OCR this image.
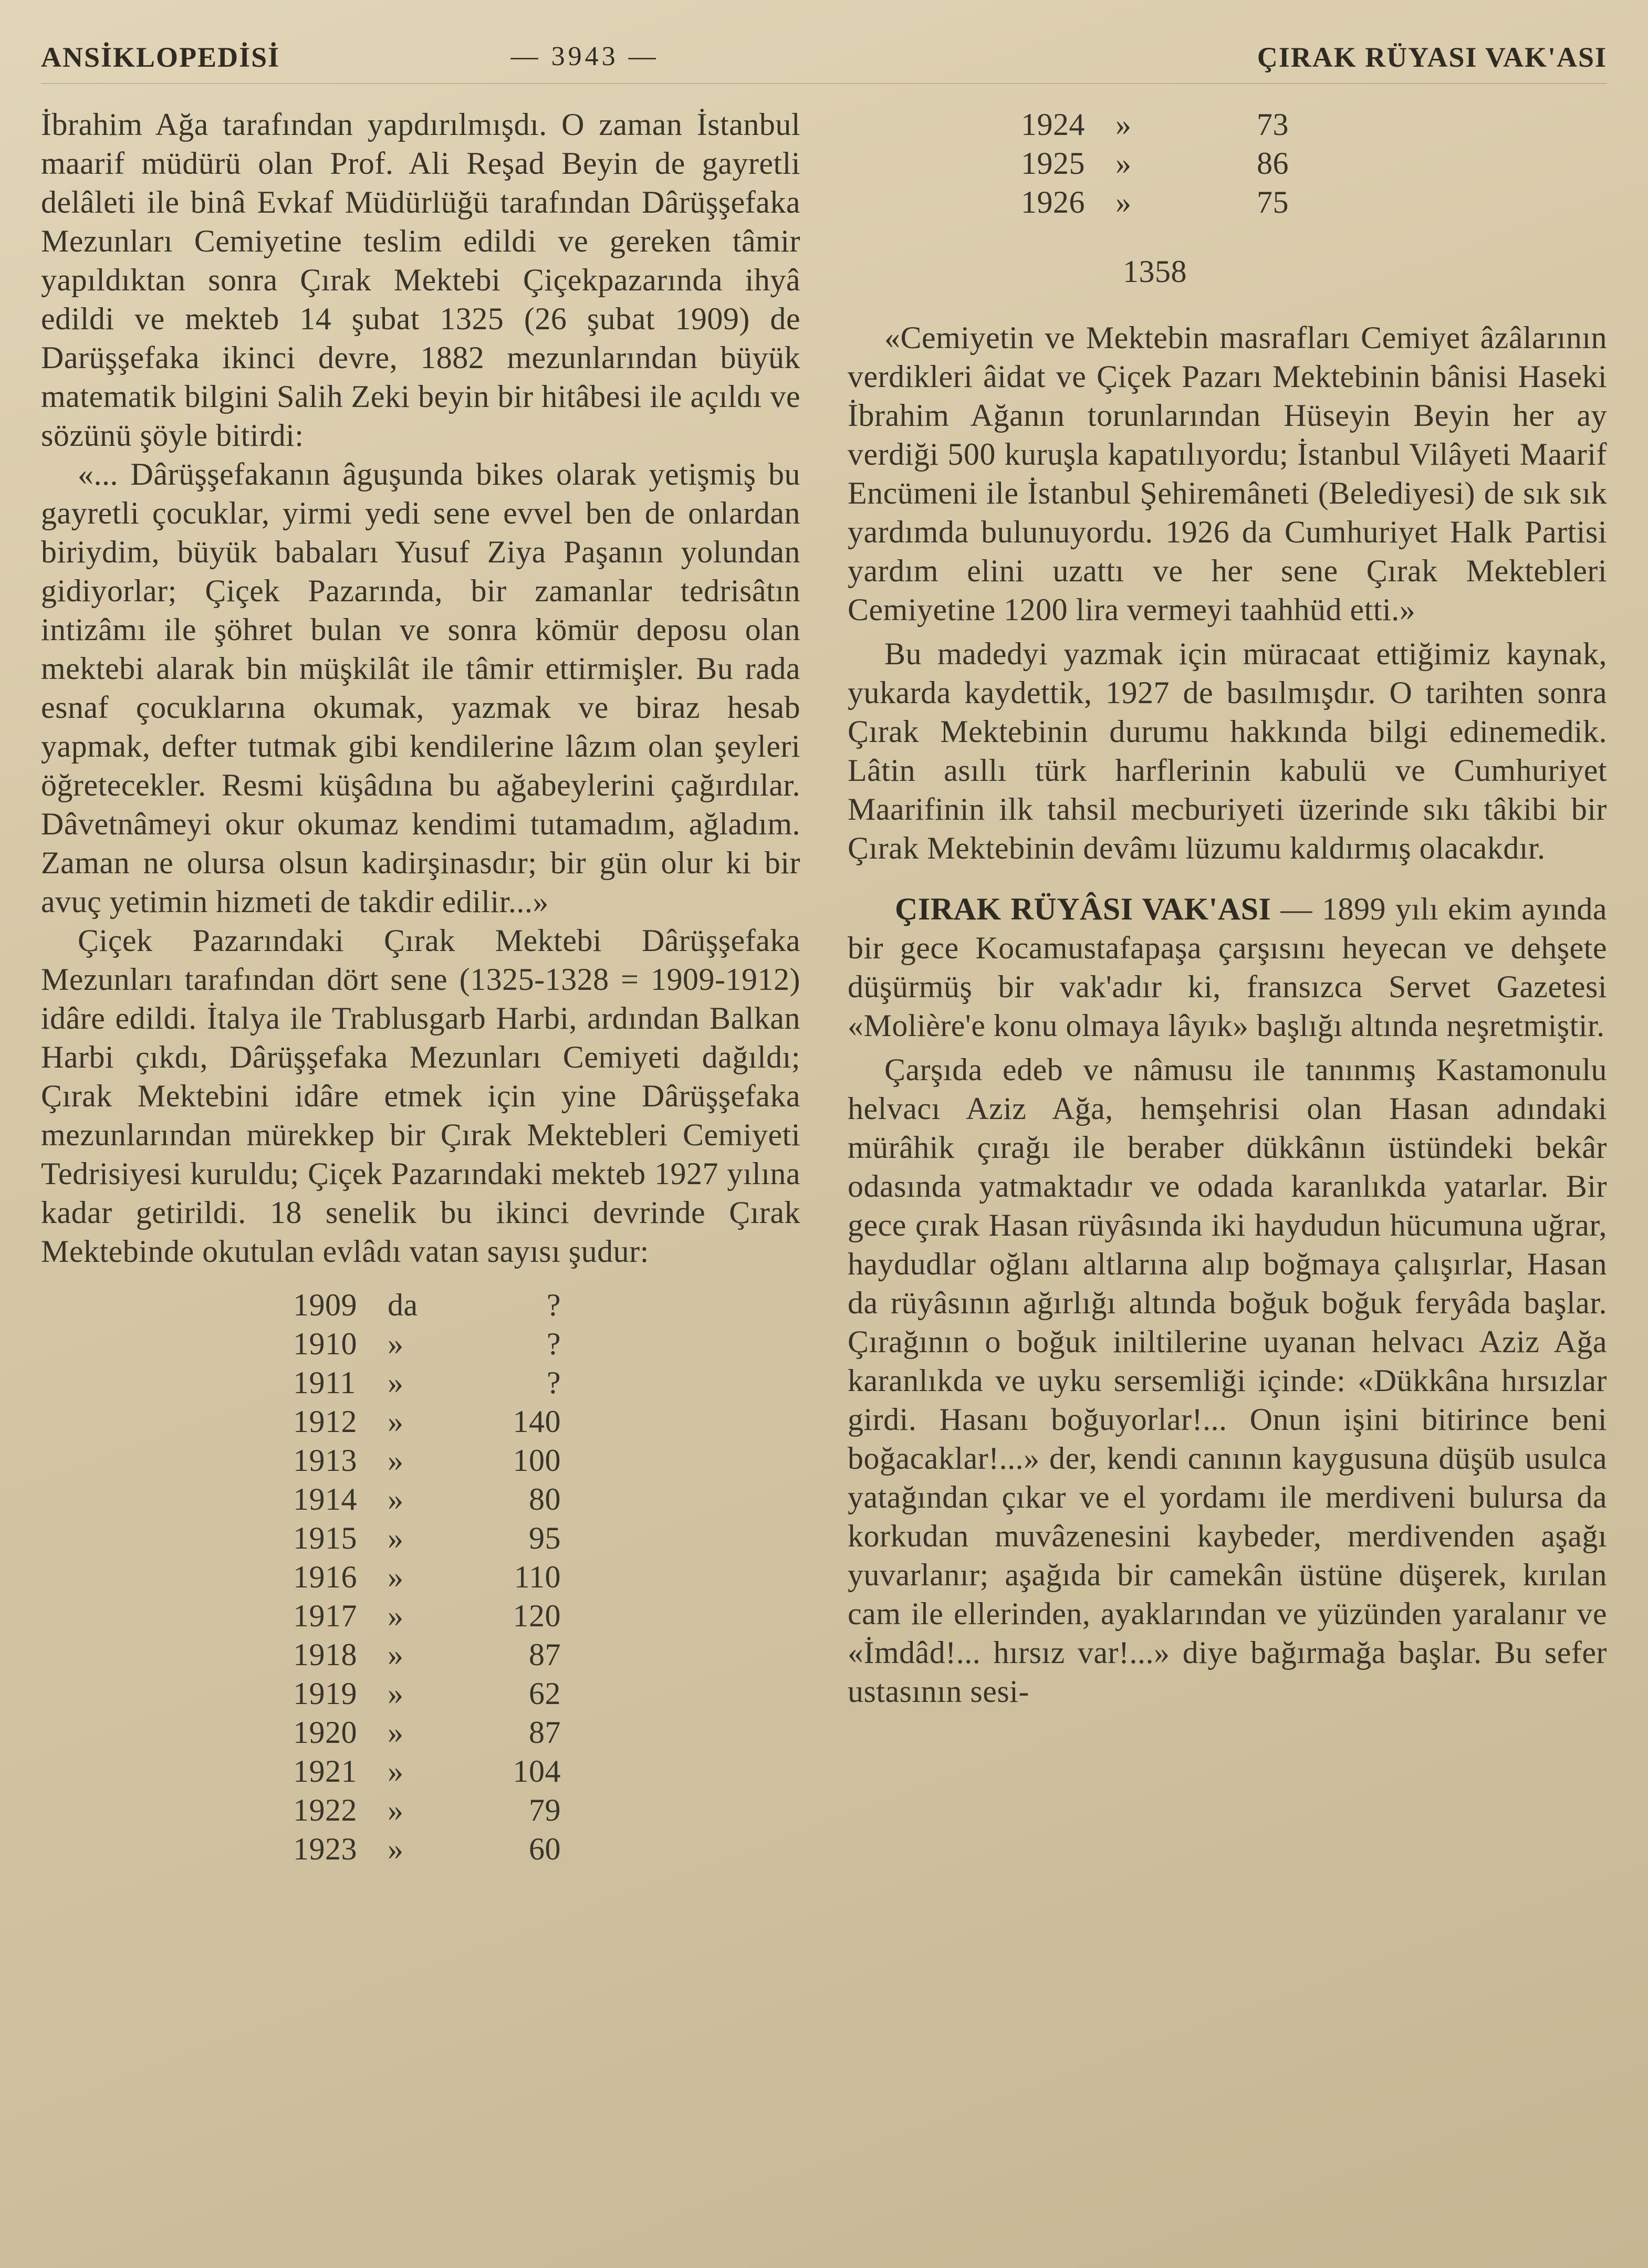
ANSİKLOPEDİSİ	— 3943 —	ÇIRAK RÜYASI VAK'ASI

İbrahim Ağa tarafından yapdırılmışdı. O zaman İstanbul maarif müdürü olan Prof. Ali Reşad Beyin de gayretli delâleti ile binâ Evkaf Müdürlüğü tarafından Dârüşşefaka Mezunları Cemiyetine teslim edildi ve gereken tâmir yapıldıktan sonra Çırak Mektebi Çiçekpazarında ihyâ edildi ve mekteb 14 şubat 1325 (26 şubat 1909) de Darüşşefaka ikinci devre, 1882 mezunlarından büyük matematik bilgini Salih Zeki beyin bir hitâbesi ile açıldı ve sözünü şöyle bitirdi:

«... Dârüşşefakanın âguşunda bikes olarak yetişmiş bu gayretli çocuklar, yirmi yedi sene evvel ben de onlardan biriydim, büyük babaları Yusuf Ziya Paşanın yolundan gidiyorlar; Çiçek Pazarında, bir zamanlar tedrisâtın intizâmı ile şöhret bulan ve sonra kömür deposu olan mektebi alarak bin müşkilât ile tâmir ettirmişler. Bu rada esnaf çocuklarına okumak, yazmak ve biraz hesab yapmak, defter tutmak gibi kendilerine lâzım olan şeyleri öğretecekler. Resmi küşâdına bu ağabeylerini çağırdılar. Dâvetnâmeyi okur okumaz kendimi tutamadım, ağladım. Zaman ne olursa olsun kadirşinasdır; bir gün olur ki bir avuç yetimin hizmeti de takdir edilir...»

Çiçek Pazarındaki Çırak Mektebi Dârüşşefaka Mezunları tarafından dört sene (1325-1328 = 1909-1912) idâre edildi. İtalya ile Trablusgarb Harbi, ardından Balkan Harbi çıkdı, Dârüşşefaka Mezunları Cemiyeti dağıldı; Çırak Mektebini idâre etmek için yine Dârüşşefaka mezunlarından mürekkep bir Çırak Mektebleri Cemiyeti Tedrisiyesi kuruldu; Çiçek Pazarındaki mekteb 1927 yılına kadar getirildi. 18 senelik bu ikinci devrinde Çırak Mektebinde okutulan evlâdı vatan sayısı şudur:

1909 da	?
1910 »	?
1911	»	?
1912 »	140
1913 »	100
1914 »	80
1915 »	95
1916 »	110
1917 »	120
1918 »	87
1919 »	62
1920 »	87
1921 »	104
1922 »	79
1923 »	60
1924 »	73
1925 »	86
1926 »	75
1358

«Cemiyetin ve Mektebin masrafları Cemiyet âzâlarının verdikleri âidat ve Çiçek Pazarı Mektebinin bânisi Haseki İbrahim Ağanın torunlarından Hüseyin Beyin her ay verdiği 500 kuruşla kapatılıyordu; İstanbul Vilâyeti Maarif Encümeni ile İstanbul Şehiremâneti (Belediyesi) de sık sık yardımda bulunuyordu. 1926 da Cumhuriyet Halk Partisi yardım elini uzattı ve her sene Çırak Mektebleri Cemiyetine 1200 lira vermeyi taahhüd etti.»

Bu madedyi yazmak için müracaat ettiğimiz kaynak, yukarda kaydettik, 1927 de basılmışdır. O tarihten sonra Çırak Mektebinin durumu hakkında bilgi edinemedik. Lâtin asıllı türk harflerinin kabulü ve Cumhuriyet Maarifinin ilk tahsil mecburiyeti üzerinde sıkı tâkibi bir Çırak Mektebinin devâmı lüzumu kaldırmış olacakdır.

ÇIRAK RÜYÂSI VAK'ASI — 1899 yılı ekim ayında bir gece Kocamustafapaşa çarşısını heyecan ve dehşete düşürmüş bir vak'adır ki, fransızca Servet Gazetesi «Molière'e konu olmaya lâyık» başlığı altında neşretmiştir.

Çarşıda edeb ve nâmusu ile tanınmış Kastamonulu helvacı Aziz Ağa, hemşehrisi olan Hasan adındaki mürâhik çırağı ile beraber dükkânın üstündeki bekâr odasında yatmaktadır ve odada karanlıkda yatarlar. Bir gece çırak Hasan rüyâsında iki haydudun hücumuna uğrar, haydudlar oğlanı altlarına alıp boğmaya çalışırlar, Hasan da rüyâsının ağırlığı altında boğuk boğuk feryâda başlar. Çırağının o boğuk iniltilerine uyanan helvacı Aziz Ağa karanlıkda ve uyku sersemliği içinde: «Dükkâna hırsızlar girdi. Hasanı boğuyorlar!... Onun işini bitirince beni boğacaklar!...» der, kendi canının kaygusuna düşüb usulca yatağından çıkar ve el yordamı ile merdiveni bulursa da korkudan muvâzenesini kaybeder, merdivenden aşağı yuvarlanır; aşağıda bir camekân üstüne düşerek, kırılan cam ile ellerinden, ayaklarından ve yüzünden yaralanır ve «İmdâd!... hırsız var!...» diye bağırmağa başlar. Bu sefer ustasının sesi-
